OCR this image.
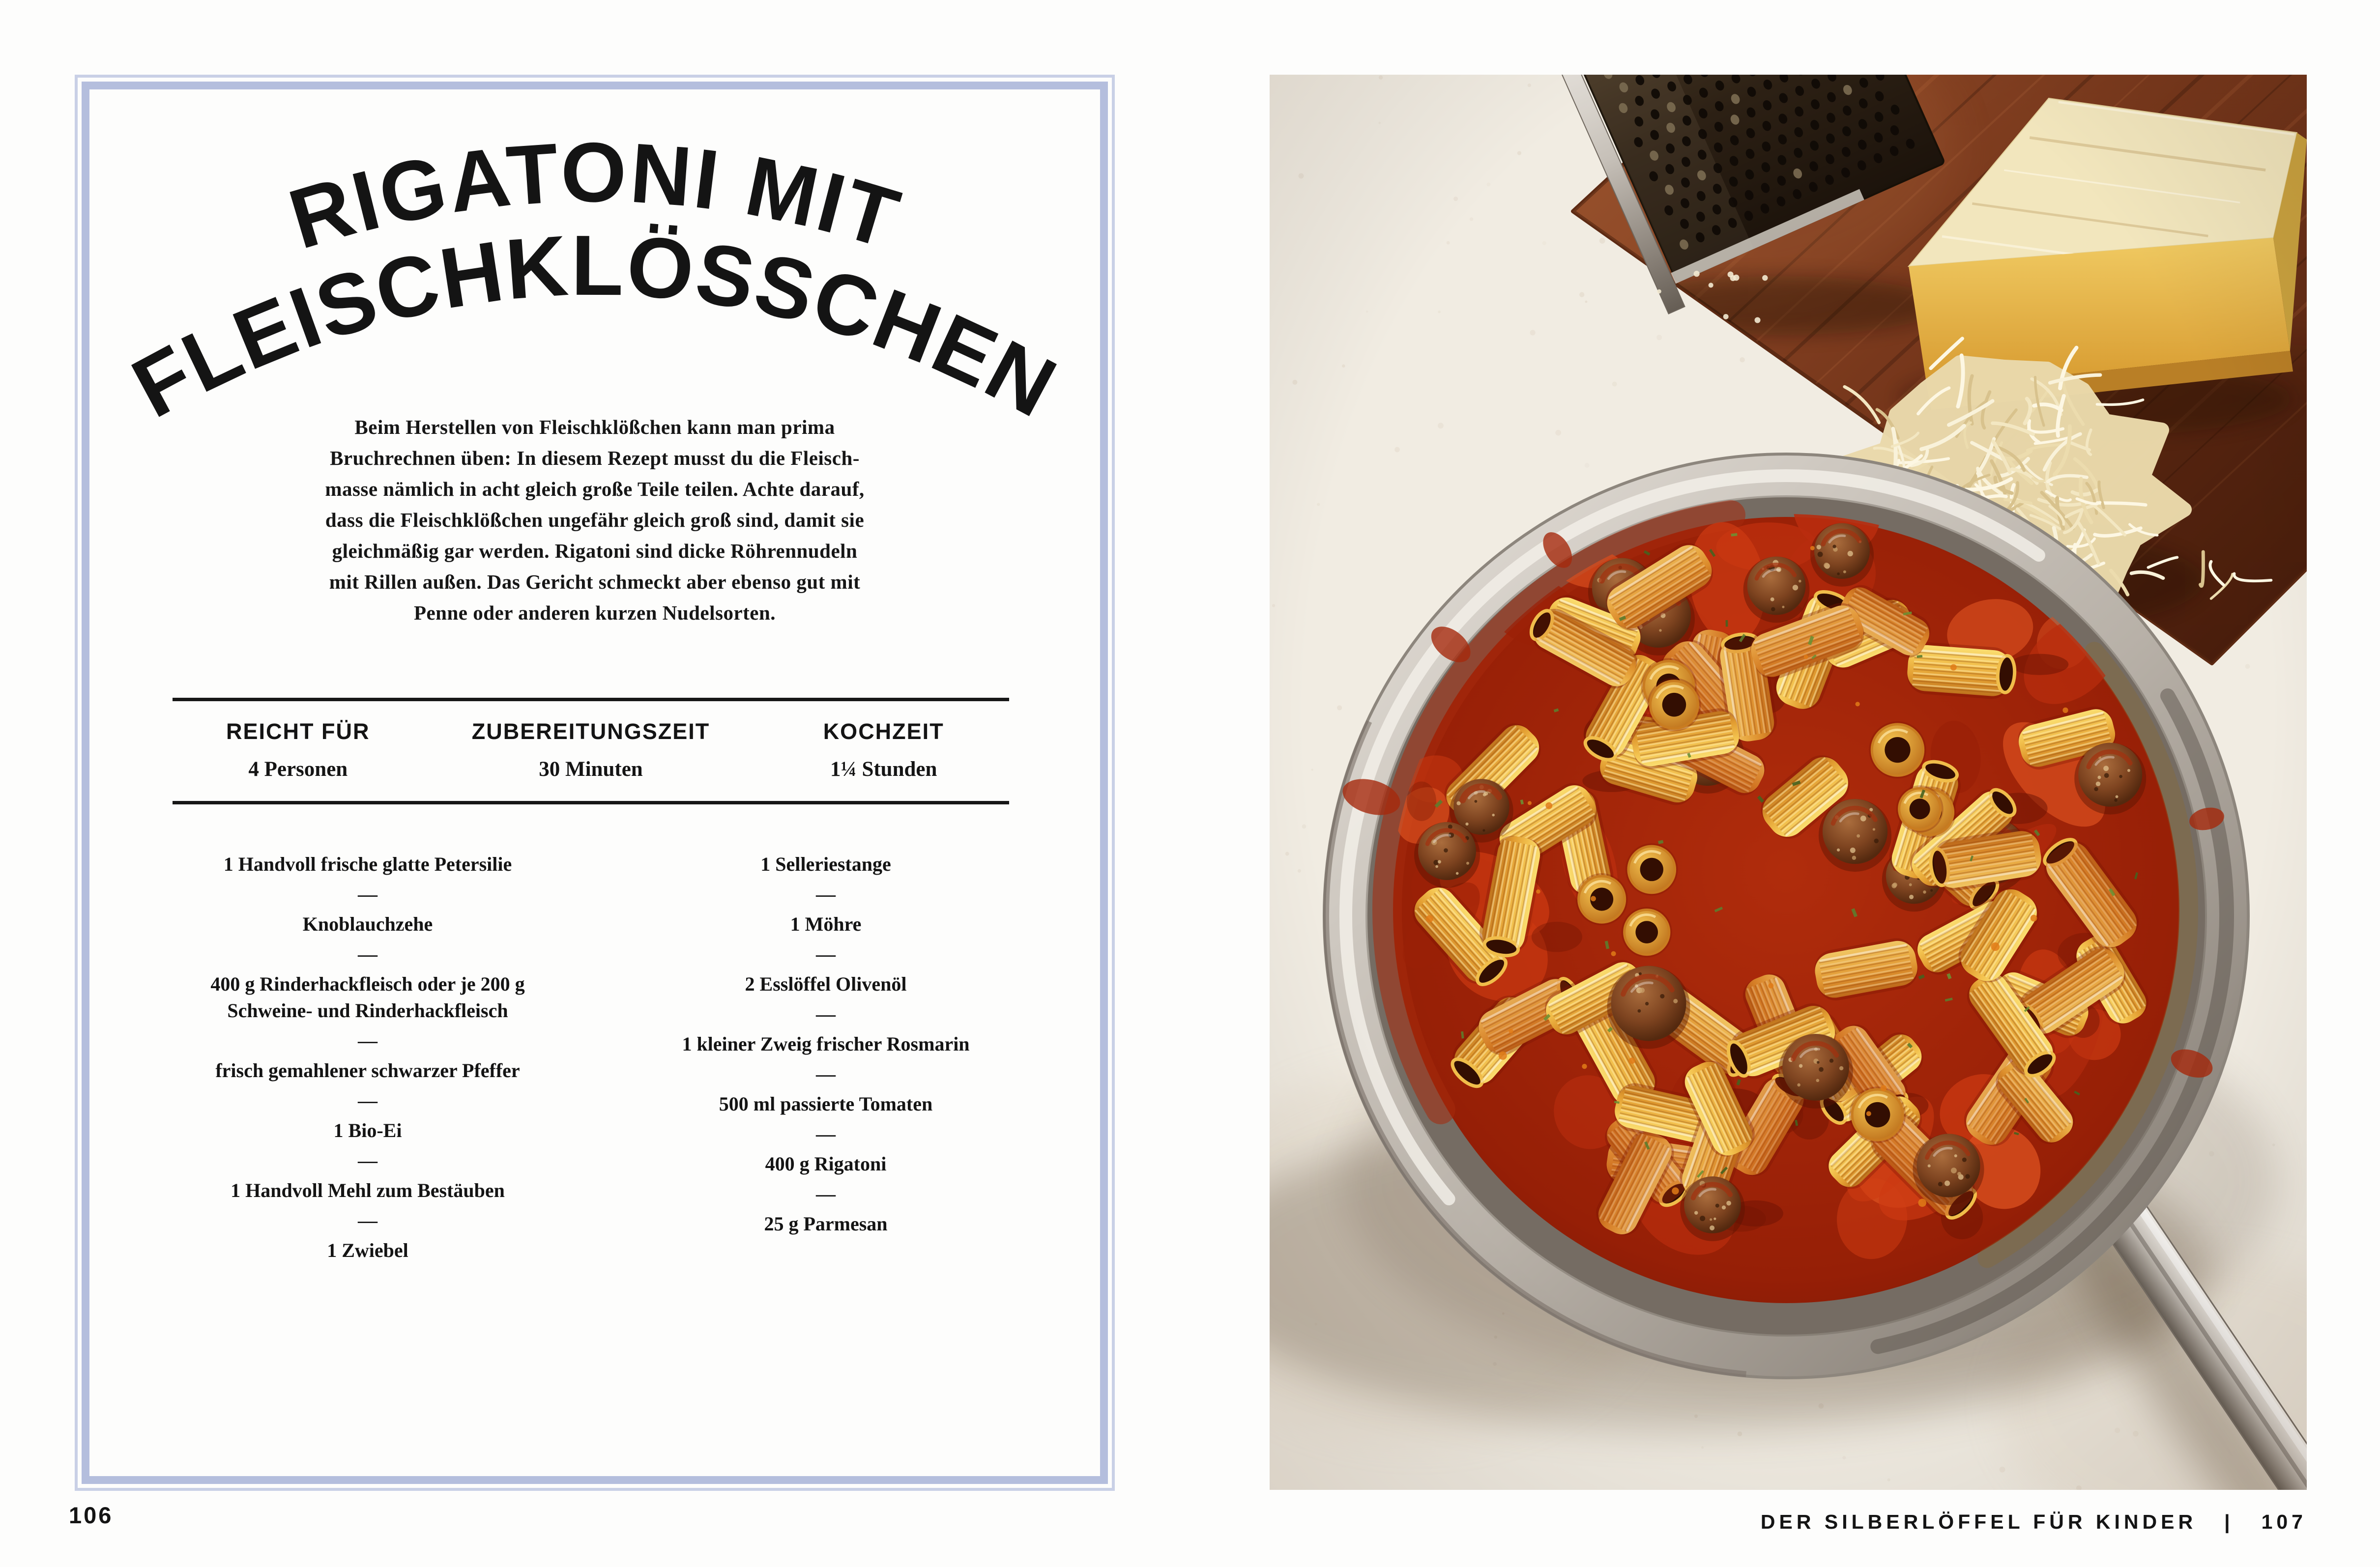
RIGATONI MIT
FLEISCHKLÖSSCHEN
Beim Herstellen von Fleischklößchen kann man prima
Bruchrechnen üben: In diesem Rezept musst du die Fleisch-
masse nämlich in acht gleich große Teile teilen. Achte darauf,
dass die Fleischklößchen ungefähr gleich groß sind, damit sie
gleichmäßig gar werden. Rigatoni sind dicke Röhrennudeln
mit Rillen außen. Das Gericht schmeckt aber ebenso gut mit
Penne oder anderen kurzen Nudelsorten.
REICHT FÜR
4 Personen
ZUBEREITUNGSZEIT
30 Minuten
KOCHZEIT
1¼ Stunden
1 Handvoll frische glatte Petersilie
—
Knoblauchzehe
—
400 g Rinderhackfleisch oder je 200 g Schweine- und Rinderhackfleisch
—
frisch gemahlener schwarzer Pfeffer
—
1 Bio-Ei
—
1 Handvoll Mehl zum Bestäuben
—
1 Zwiebel
1 Selleriestange
—
1 Möhre
—
2 Esslöffel Olivenöl
—
1 kleiner Zweig frischer Rosmarin
—
500 ml passierte Tomaten
—
400 g Rigatoni
—
25 g Parmesan
106	DER SILBERLÖFFEL FÜR KINDER | 107
